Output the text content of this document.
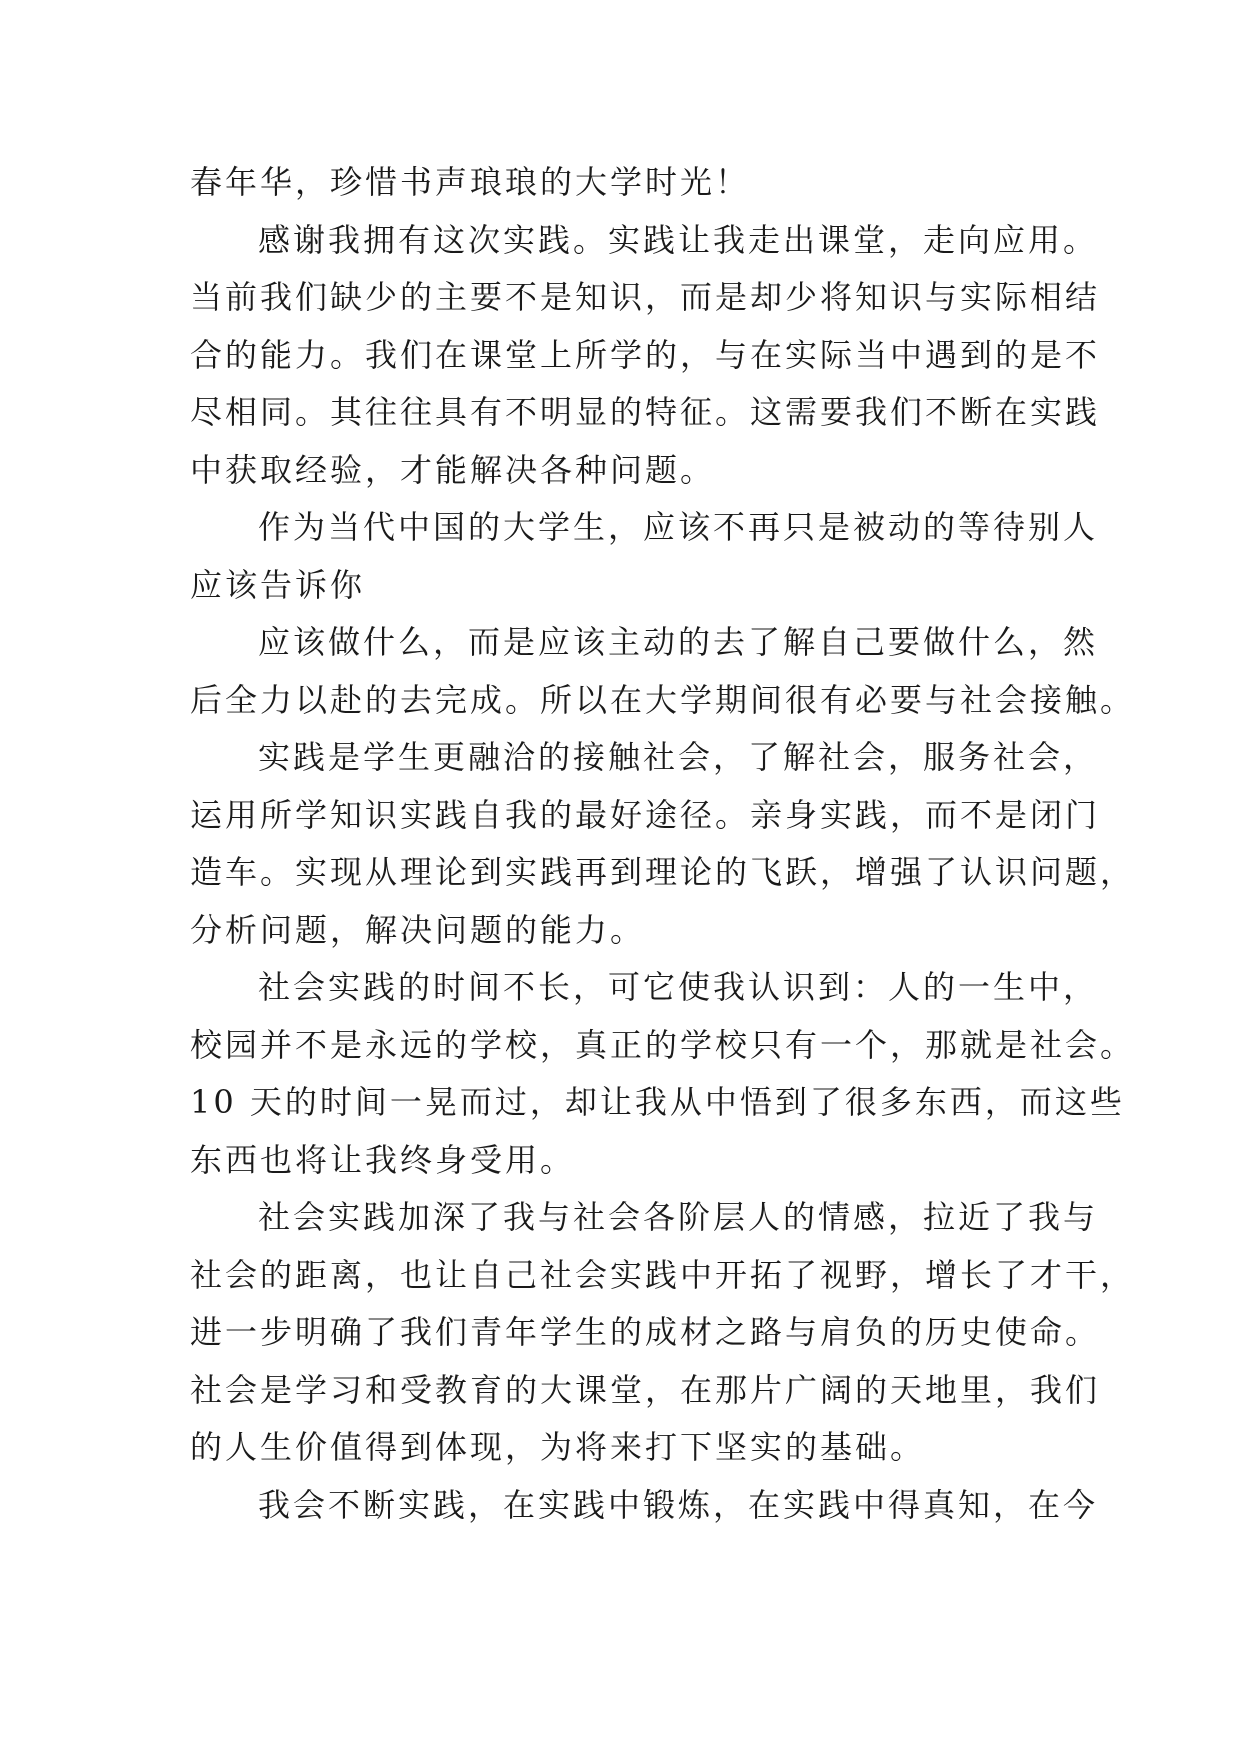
春年华，珍惜书声琅琅的大学时光！
感谢我拥有这次实践。实践让我走出课堂，走向应用。
当前我们缺少的主要不是知识，而是却少将知识与实际相结
合的能力。我们在课堂上所学的，与在实际当中遇到的是不
尽相同。其往往具有不明显的特征。这需要我们不断在实践
中获取经验，才能解决各种问题。
作为当代中国的大学生，应该不再只是被动的等待别人
应该告诉你
应该做什么，而是应该主动的去了解自己要做什么，然
后全力以赴的去完成。所以在大学期间很有必要与社会接触。
实践是学生更融洽的接触社会，了解社会，服务社会，
运用所学知识实践自我的最好途径。亲身实践，而不是闭门
造车。实现从理论到实践再到理论的飞跃，增强了认识问题，
分析问题，解决问题的能力。
社会实践的时间不长，可它使我认识到：人的一生中，
校园并不是永远的学校，真正的学校只有一个，那就是社会。
10 天的时间一晃而过，却让我从中悟到了很多东西，而这些
东西也将让我终身受用。
社会实践加深了我与社会各阶层人的情感，拉近了我与
社会的距离，也让自己社会实践中开拓了视野，增长了才干，
进一步明确了我们青年学生的成材之路与肩负的历史使命。
社会是学习和受教育的大课堂，在那片广阔的天地里，我们
的人生价值得到体现，为将来打下坚实的基础。
我会不断实践，在实践中锻炼，在实践中得真知，在今
